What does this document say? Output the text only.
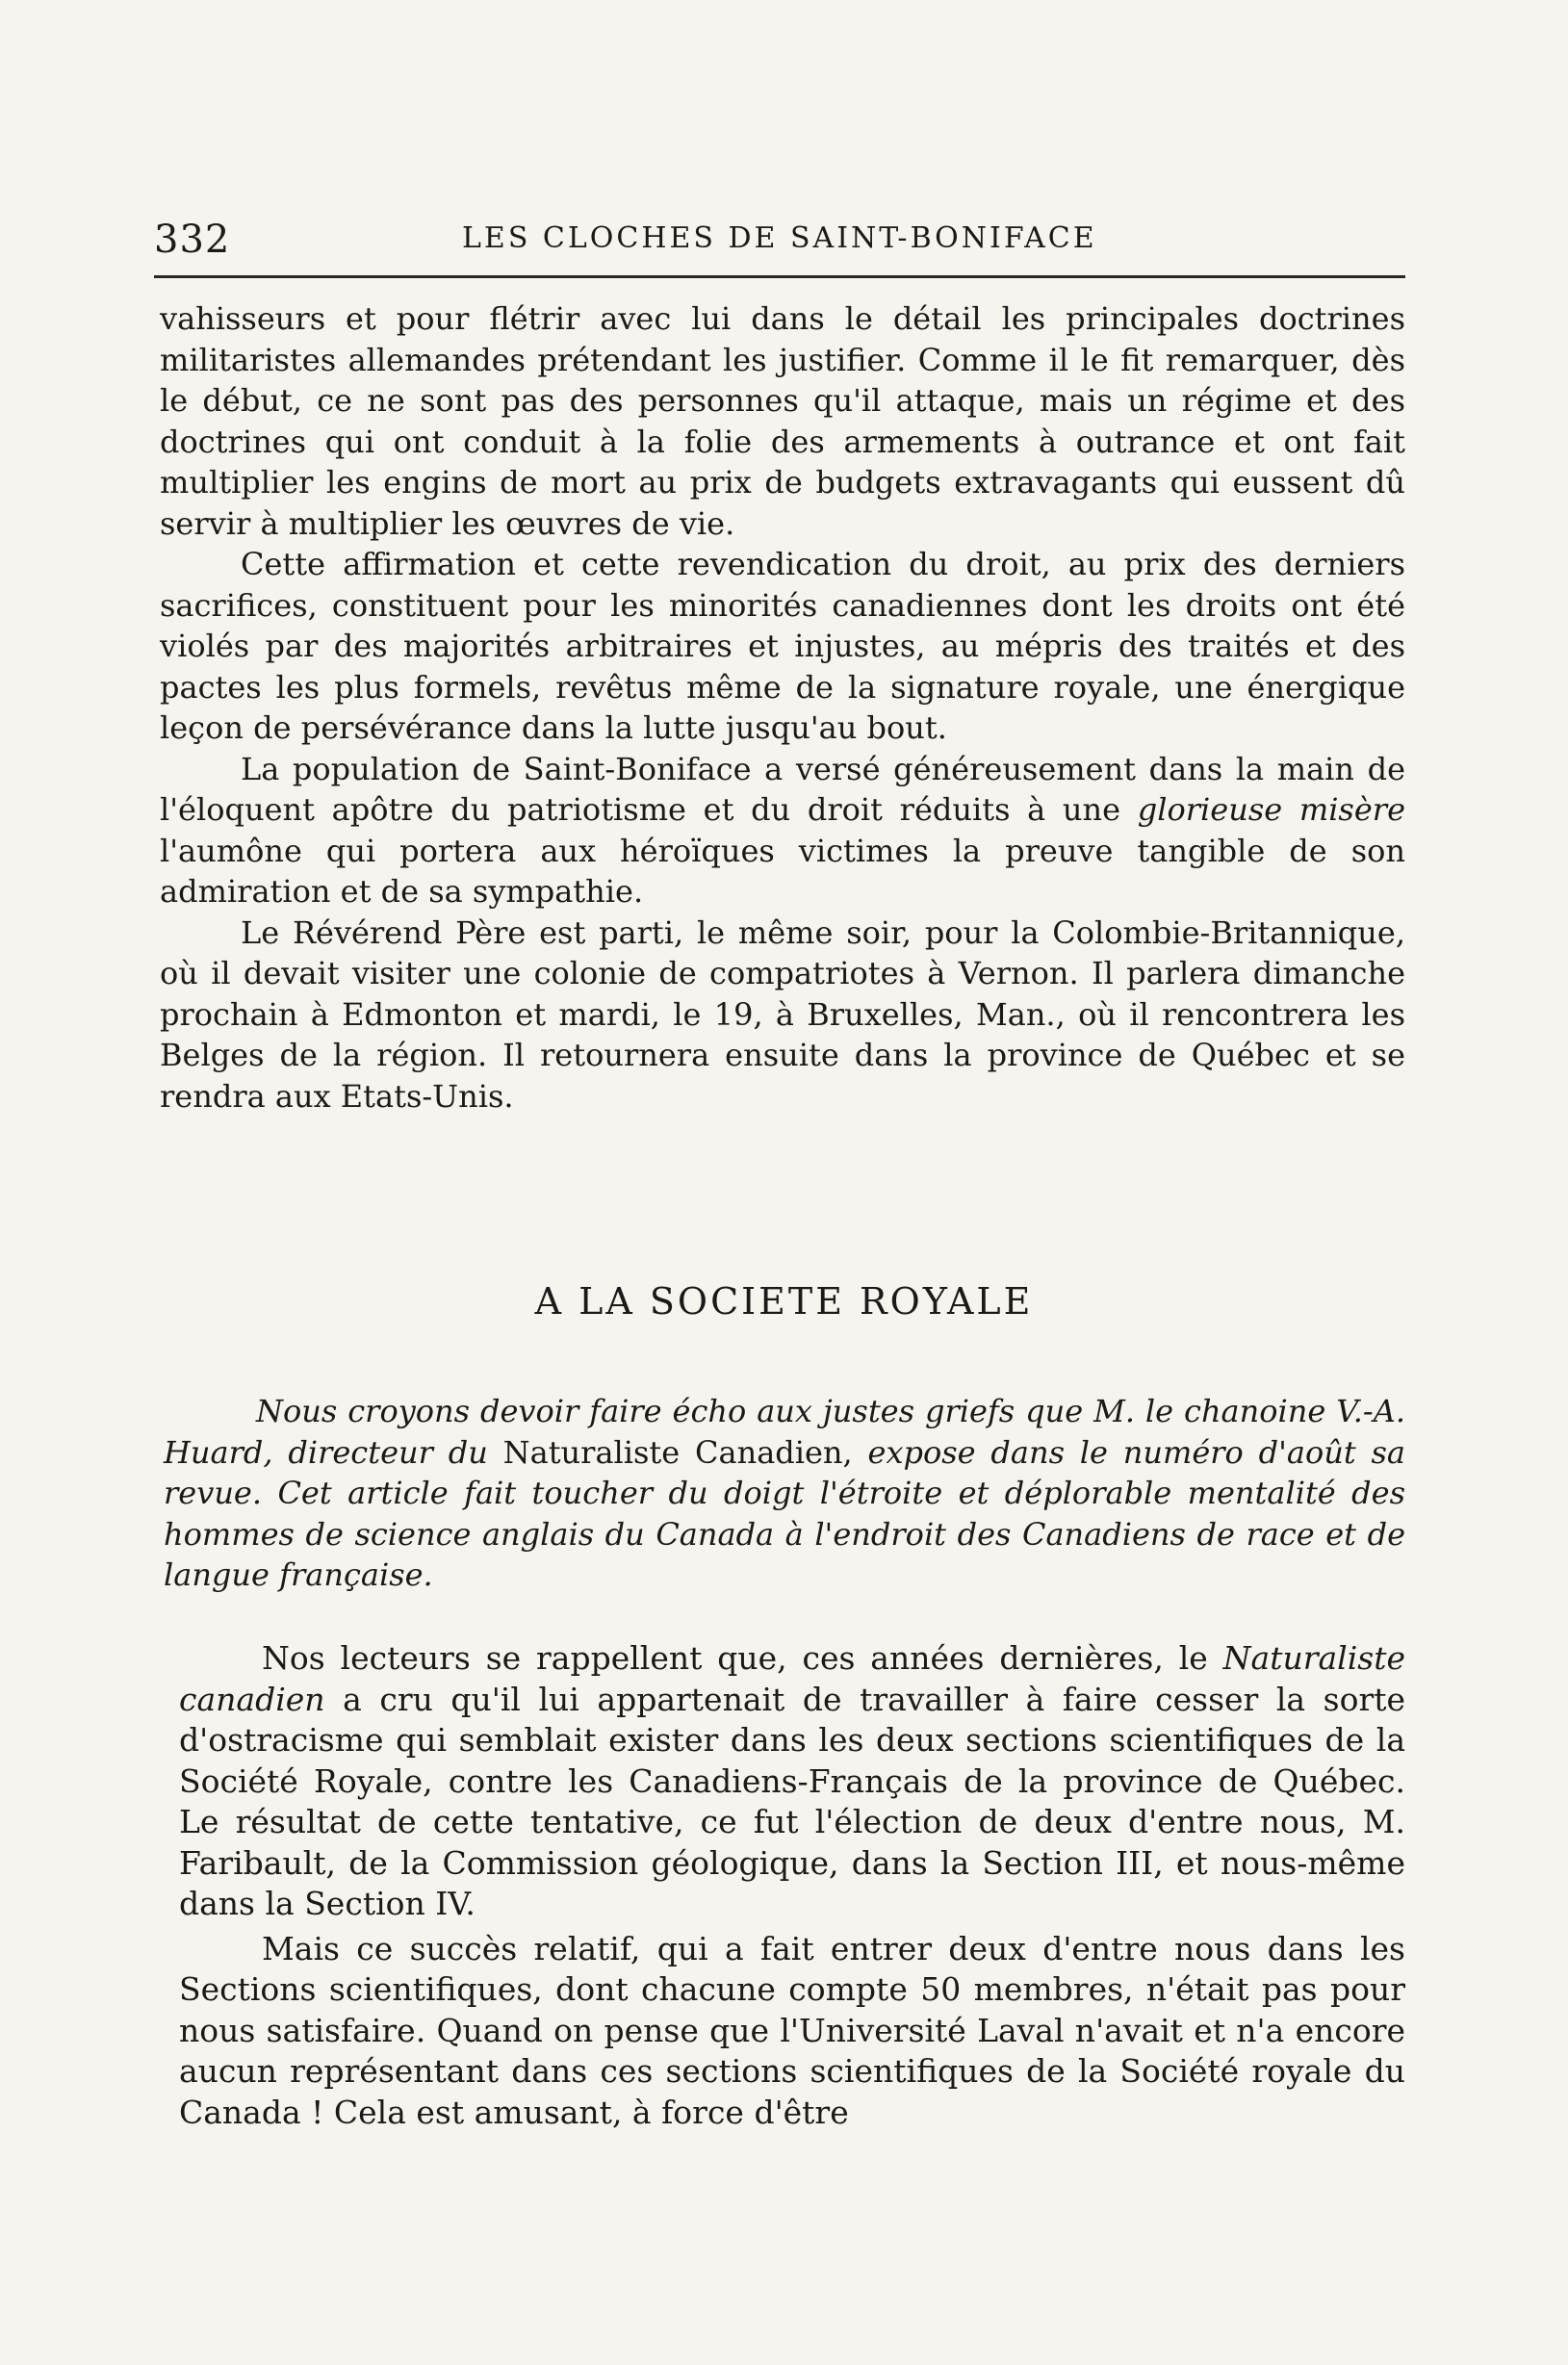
332	LES CLOCHES DE SAINT-BONIFACE

vahisseurs et pour flétrir avec lui dans le détail les principales doctrines militaristes allemandes prétendant les justifier. Comme il le fit remarquer, dès le début, ce ne sont pas des personnes qu'il attaque, mais un régime et des doctrines qui ont conduit à la folie des armements à outrance et ont fait multiplier les engins de mort au prix de budgets extravagants qui eussent dû servir à multiplier les œuvres de vie.

Cette affirmation et cette revendication du droit, au prix des derniers sacrifices, constituent pour les minorités canadiennes dont les droits ont été violés par des majorités arbitraires et injustes, au mépris des traités et des pactes les plus formels, revêtus même de la signature royale, une énergique leçon de persévérance dans la lutte jusqu'au bout.

La population de Saint-Boniface a versé généreusement dans la main de l'éloquent apôtre du patriotisme et du droit réduits à une glorieuse misère l'aumône qui portera aux héroïques victimes la preuve tangible de son admiration et de sa sympathie.

Le Révérend Père est parti, le même soir, pour la Colombie-Britannique, où il devait visiter une colonie de compatriotes à Vernon. Il parlera dimanche prochain à Edmonton et mardi, le 19, à Bruxelles, Man., où il rencontrera les Belges de la région. Il retournera ensuite dans la province de Québec et se rendra aux Etats-Unis.

A LA SOCIETE ROYALE

Nous croyons devoir faire écho aux justes griefs que M. le chanoine V.-A. Huard, directeur du Naturaliste Canadien, expose dans le numéro d'août sa revue. Cet article fait toucher du doigt l'étroite et déplorable mentalité des hommes de science anglais du Canada à l'endroit des Canadiens de race et de langue française.

Nos lecteurs se rappellent que, ces années dernières, le Naturaliste canadien a cru qu'il lui appartenait de travailler à faire cesser la sorte d'ostracisme qui semblait exister dans les deux sections scientifiques de la Société Royale, contre les Canadiens-Français de la province de Québec. Le résultat de cette tentative, ce fut l'élection de deux d'entre nous, M. Faribault, de la Commission géologique, dans la Section III, et nous-même dans la Section IV.

Mais ce succès relatif, qui a fait entrer deux d'entre nous dans les Sections scientifiques, dont chacune compte 50 membres, n'était pas pour nous satisfaire. Quand on pense que l'Université Laval n'avait et n'a encore aucun représentant dans ces sections scientifiques de la Société royale du Canada ! Cela est amusant, à force d'être
